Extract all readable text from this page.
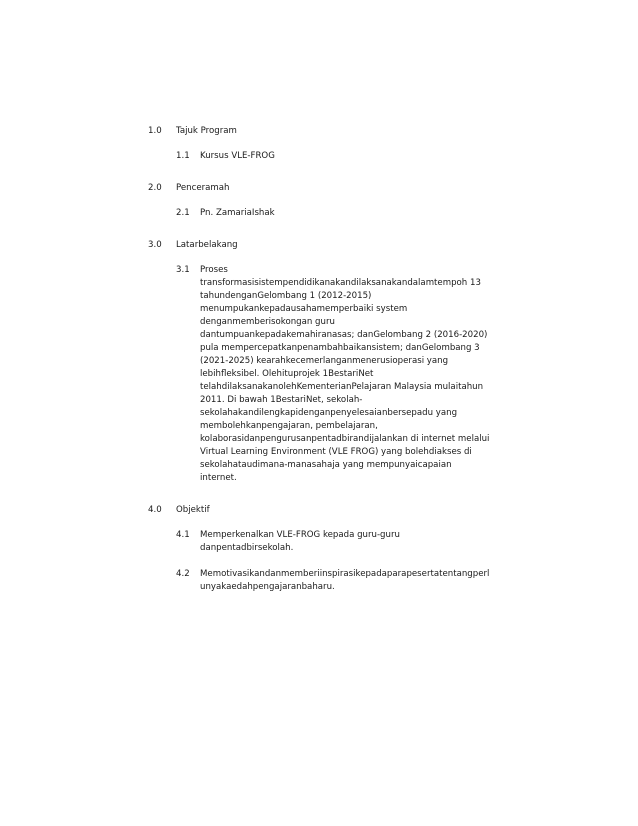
1.0	Tajuk Program
1.1	Kursus VLE-FROG
2.0	Penceramah
2.1	Pn. ZamariaIshak
3.0	Latarbelakang
3.1	Proses
transformasisistempendidikanakandilaksanakandalamtempoh 13
tahundenganGelombang 1 (2012-2015)
menumpukankepadausahamemperbaiki system
denganmemberisokongan guru
dantumpuankepadakemahiranasas; danGelombang 2 (2016-2020)
pula mempercepatkanpenambahbaikansistem; danGelombang 3
(2021-2025) kearahkecemerlanganmenerusioperasi yang
lebihfleksibel. Olehituprojek 1BestariNet
telahdilaksanakanolehKementerianPelajaran Malaysia mulaitahun
2011. Di bawah 1BestariNet, sekolah-
sekolahakandilengkapidenganpenyelesaianbersepadu yang
membolehkanpengajaran, pembelajaran,
kolaborasidanpengurusanpentadbirandijalankan di internet melalui
Virtual Learning Environment (VLE FROG) yang bolehdiakses di
sekolahataudimana-manasahaja yang mempunyaicapaian
internet.
4.0	Objektif
4.1	Memperkenalkan VLE-FROG kepada guru-guru
danpentadbirsekolah.
4.2	Memotivasikandanmemberiinspirasikepadaparapesertatentangperl
unyakaedahpengajaranbaharu.
